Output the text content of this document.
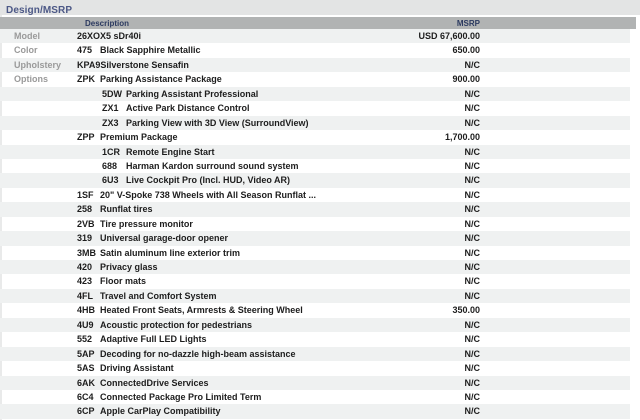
Design/MSRP
Description	MSRP
Model	26XO X5 sDr40i	USD 67,600.00
Color	475 Black Sapphire Metallic	650.00
Upholstery	KPA9 Silverstone Sensafin	N/C
Options	ZPK Parking Assistance Package	900.00
5DW Parking Assistant Professional	N/C
ZX1 Active Park Distance Control	N/C
ZX3 Parking View with 3D View (SurroundView)	N/C
ZPP Premium Package	1,700.00
1CR Remote Engine Start	N/C
688 Harman Kardon surround sound system	N/C
6U3 Live Cockpit Pro (Incl. HUD, Video AR)	N/C
1SF 20" V-Spoke 738 Wheels with All Season Runflat ...	N/C
258 Runflat tires	N/C
2VB Tire pressure monitor	N/C
319 Universal garage-door opener	N/C
3MB Satin aluminum line exterior trim	N/C
420 Privacy glass	N/C
423 Floor mats	N/C
4FL Travel and Comfort System	N/C
4HB Heated Front Seats, Armrests & Steering Wheel	350.00
4U9 Acoustic protection for pedestrians	N/C
552 Adaptive Full LED Lights	N/C
5AP Decoding for no-dazzle high-beam assistance	N/C
5AS Driving Assistant	N/C
6AK ConnectedDrive Services	N/C
6C4 Connected Package Pro Limited Term	N/C
6CP Apple CarPlay Compatibility	N/C
